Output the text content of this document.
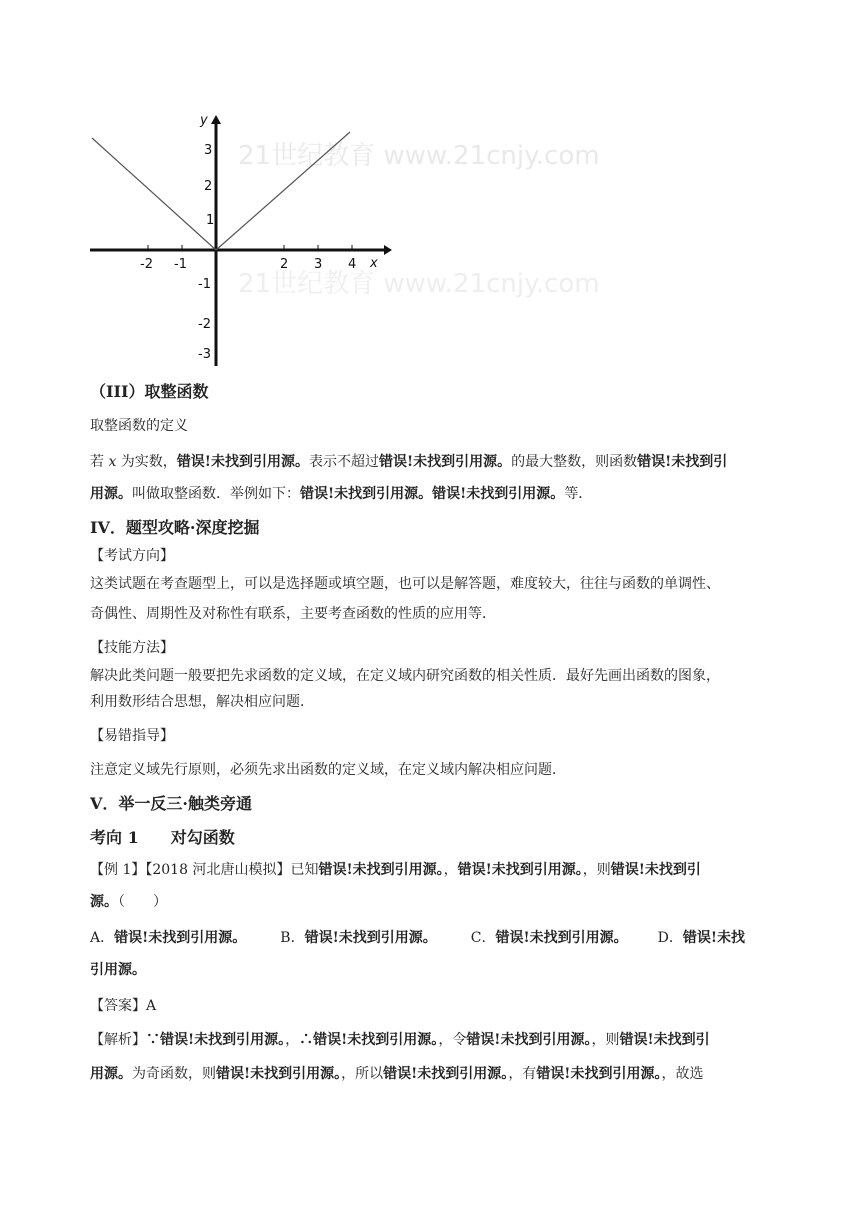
21世纪教育 www.21cnjy.com
21世纪教育 www.21cnjy.com
y
x
-2 -1	2 3 4
3
2
1
-1
-2
-3
（III）取整函数
取整函数的定义
若 x 为实数，错误!未找到引用源。表示不超过错误!未找到引用源。的最大整数，则函数错误!未找到引
用源。叫做取整函数．举例如下：错误!未找到引用源。错误!未找到引用源。等．
IV．题型攻略·深度挖掘
【考试方向】
这类试题在考查题型上，可以是选择题或填空题，也可以是解答题，难度较大，往往与函数的单调性、
奇偶性、周期性及对称性有联系，主要考查函数的性质的应用等．
【技能方法】
解决此类问题一般要把先求函数的定义域，在定义域内研究函数的相关性质．最好先画出函数的图象，
利用数形结合思想，解决相应问题．
【易错指导】
注意定义域先行原则，必须先求出函数的定义域，在定义域内解决相应问题．
V．举一反三·触类旁通
考向 1　　对勾函数
【例 1】【2018 河北唐山模拟】已知错误!未找到引用源。，错误!未找到引用源。，则错误!未找到引
源。（　　）
A．错误!未找到引用源。 B．错误!未找到引用源。 C．错误!未找到引用源。 D．错误!未找
引用源。
【答案】A
【解析】∵错误!未找到引用源。，∴错误!未找到引用源。，令错误!未找到引用源。，则错误!未找到引
用源。为奇函数，则错误!未找到引用源。，所以错误!未找到引用源。，有错误!未找到引用源。，故选
